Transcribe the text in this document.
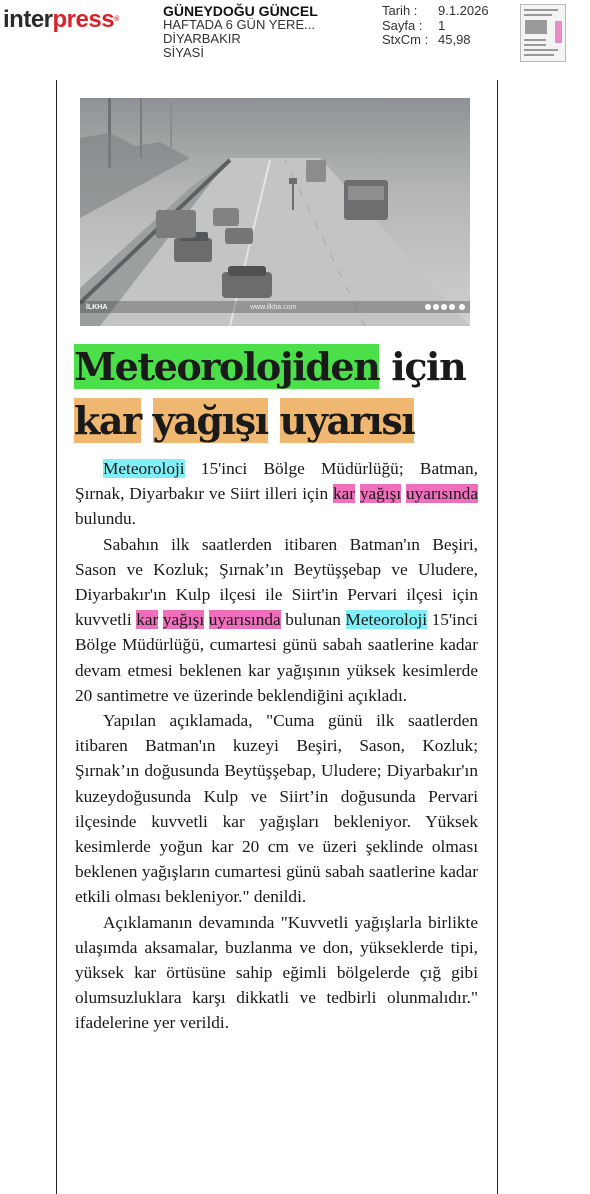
interpress®
GÜNEYDOĞU GÜNCEL
HAFTADA 6 GÜN YERE...
DİYARBAKIR
SİYASİ
Tarih :	9.1.2026
Sayfa :	1
StxCm : 45,98
İLKHA	www.ilkha.com
Meteorolojiden için kar yağışı uyarısı

Meteoroloji 15'inci Bölge Müdürlüğü; Batman, Şırnak, Diyarbakır ve Siirt illeri için kar yağışı uyarısında bulundu.

Sabahın ilk saatlerden itibaren Batman'ın Beşiri, Sason ve Kozluk; Şırnak’ın Beytüşşebap ve Uludere, Diyarbakır'ın Kulp ilçesi ile Siirt'in Pervari ilçesi için kuvvetli kar yağışı uyarısında bulunan Meteoroloji 15'inci Bölge Müdürlüğü, cumartesi günü sabah saatlerine kadar devam etmesi beklenen kar yağışının yüksek kesimlerde 20 santimetre ve üzerinde beklendiğini açıkladı.

Yapılan açıklamada, "Cuma günü ilk saatlerden itibaren Batman'ın kuzeyi Beşiri, Sason, Kozluk; Şırnak’ın doğusunda Beytüşşebap, Uludere; Diyarbakır'ın kuzeydoğusunda Kulp ve Siirt’in doğusunda Pervari ilçesinde kuvvetli kar yağışları bekleniyor. Yüksek kesimlerde yoğun kar 20 cm ve üzeri şeklinde olması beklenen yağışların cumartesi günü sabah saatlerine kadar etkili olması bekleniyor." denildi.

Açıklamanın devamında "Kuvvetli yağışlarla birlikte ulaşımda aksamalar, buzlanma ve don, yükseklerde tipi, yüksek kar örtüsüne sahip eğimli bölgelerde çığ gibi olumsuzluklara karşı dikkatli ve tedbirli olunmalıdır." ifadelerine yer verildi.
